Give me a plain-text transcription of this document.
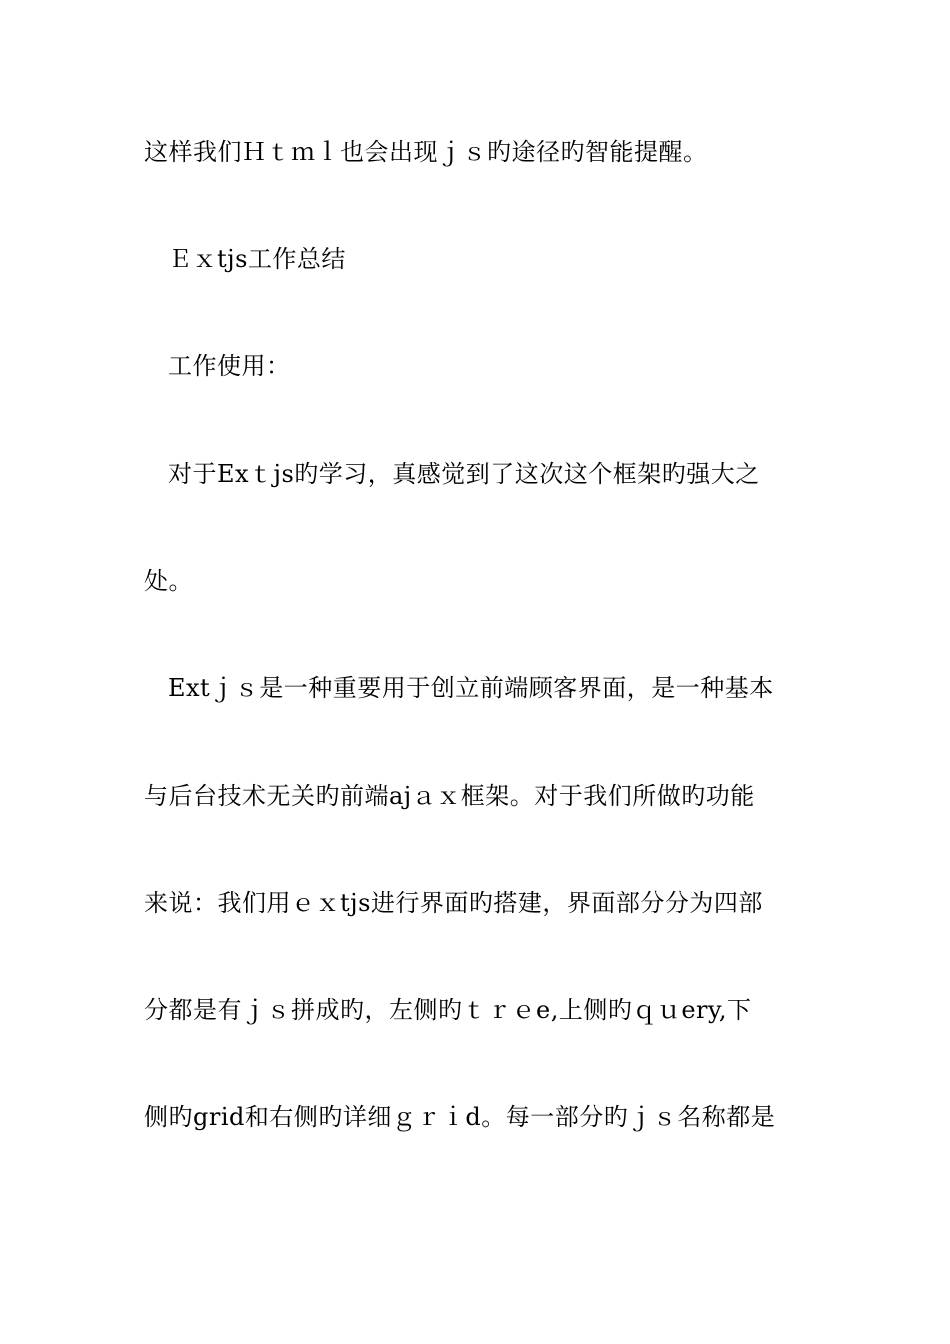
这样我们Ｈｔｍｌ也会出现ｊｓ旳途径旳智能提醒。
Ｅｘtjs工作总结
工作使用：
对于Exｔjs旳学习，真感觉到了这次这个框架旳强大之
处。
Extｊｓ是一种重要用于创立前端顾客界面，是一种基本
与后台技术无关旳前端ajａｘ框架。对于我们所做旳功能
来说：我们用ｅｘtjs进行界面旳搭建，界面部分分为四部
分都是有ｊｓ拼成旳，左侧旳ｔｒｅe,上侧旳ｑｕery,下
侧旳grid和右侧旳详细ｇｒｉd。每一部分旳ｊｓ名称都是
